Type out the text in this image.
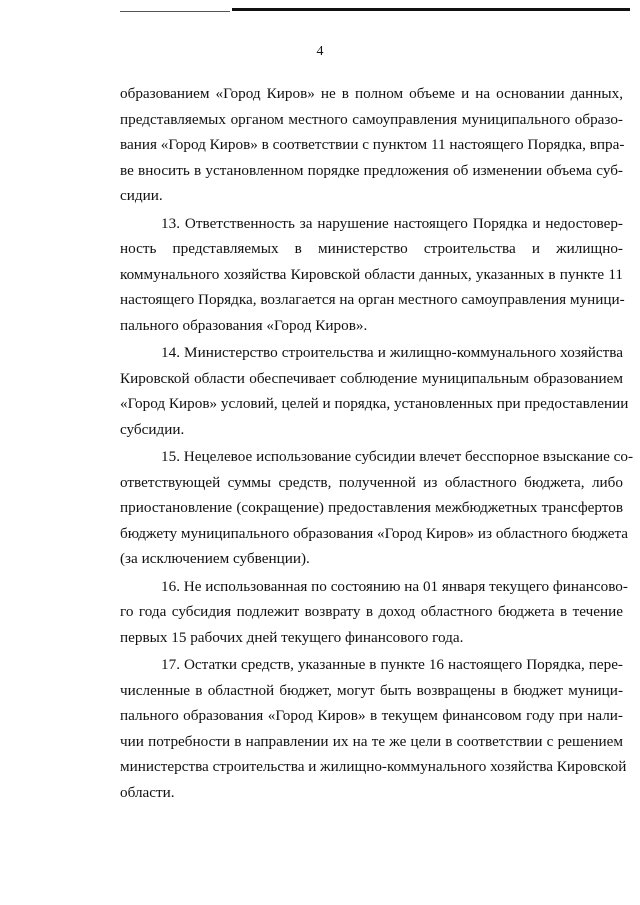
4
образованием «Город Киров» не в полном объеме и на основании данных,
представляемых органом местного самоуправления муниципального образо-
вания «Город Киров» в соответствии с пунктом 11 настоящего Порядка, впра-
ве вносить в установленном порядке предложения об изменении объема суб-
сидии.
13. Ответственность за нарушение настоящего Порядка и недостовер-
ность представляемых в министерство строительства и жилищно-
коммунального хозяйства Кировской области данных, указанных в пункте 11
настоящего Порядка, возлагается на орган местного самоуправления муници-
пального образования «Город Киров».
14. Министерство строительства и жилищно-коммунального хозяйства
Кировской области обеспечивает соблюдение муниципальным образованием
«Город Киров» условий, целей и порядка, установленных при предоставлении
субсидии.
15. Нецелевое использование субсидии влечет бесспорное взыскание со-
ответствующей суммы средств, полученной из областного бюджета, либо
приостановление (сокращение) предоставления межбюджетных трансфертов
бюджету муниципального образования «Город Киров» из областного бюджета
(за исключением субвенции).
16. Не использованная по состоянию на 01 января текущего финансово-
го года субсидия подлежит возврату в доход областного бюджета в течение
первых 15 рабочих дней текущего финансового года.
17. Остатки средств, указанные в пункте 16 настоящего Порядка, пере-
численные в областной бюджет, могут быть возвращены в бюджет муници-
пального образования «Город Киров» в текущем финансовом году при нали-
чии потребности в направлении их на те же цели в соответствии с решением
министерства строительства и жилищно-коммунального хозяйства Кировской
области.
